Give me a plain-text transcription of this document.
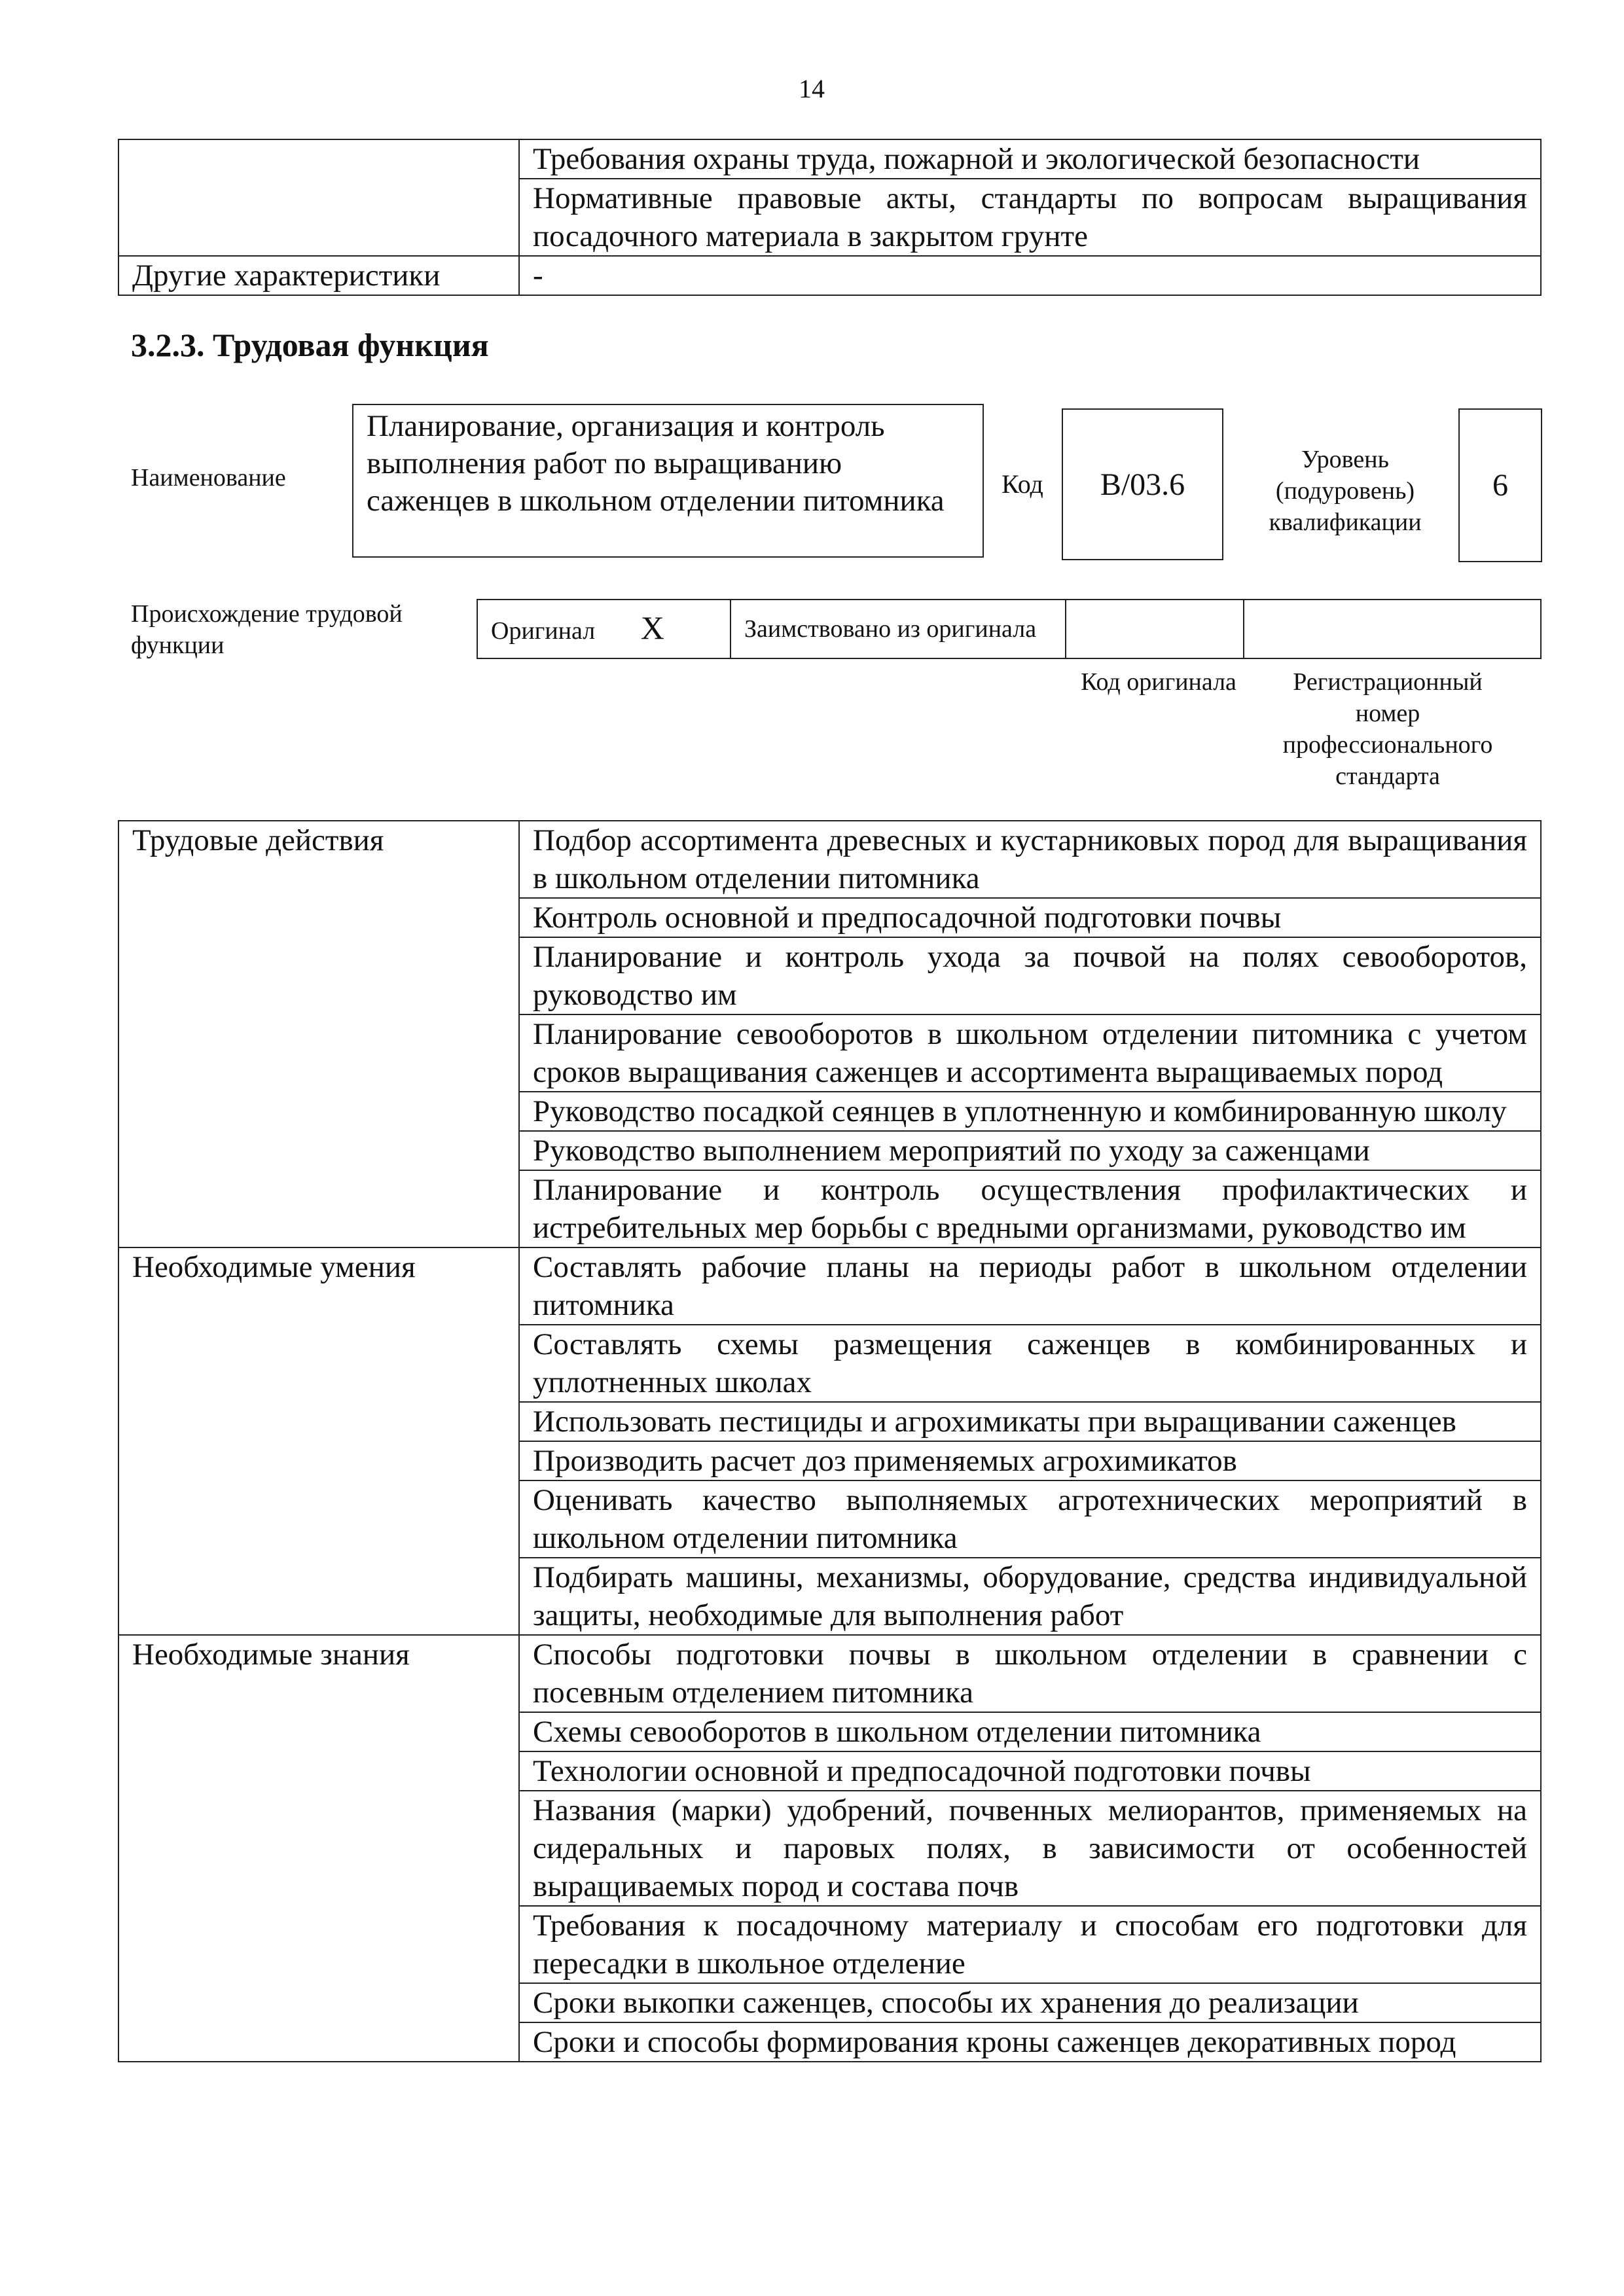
14
	Требования охраны труда, пожарной и экологической безопасности
	Нормативные правовые акты, стандарты по вопросам выращивания посадочного материала в закрытом грунте
Другие характеристики	-
3.2.3. Трудовая функция
Наименование
Планирование, организация и контроль выполнения работ по выращиванию саженцев в школьном отделении питомника	Код	B/03.6
Уровень (подуровень) квалификации
6
Происхождение трудовой функции
Оригинал X	Заимствовано из оригинала		
Код оригинала	Регистрационный номер профессионального стандарта
Трудовые действия	Подбор ассортимента древесных и кустарниковых пород для выращивания в школьном отделении питомника
	Контроль основной и предпосадочной подготовки почвы
	Планирование и контроль ухода за почвой на полях севооборотов, руководство им
	Планирование севооборотов в школьном отделении питомника с учетом сроков выращивания саженцев и ассортимента выращиваемых пород
	Руководство посадкой сеянцев в уплотненную и комбинированную школу
	Руководство выполнением мероприятий по уходу за саженцами
	Планирование и контроль осуществления профилактических и истребительных мер борьбы с вредными организмами, руководство им
Необходимые умения	Составлять рабочие планы на периоды работ в школьном отделении питомника
	Составлять схемы размещения саженцев в комбинированных и уплотненных школах
	Использовать пестициды и агрохимикаты при выращивании саженцев
	Производить расчет доз применяемых агрохимикатов
	Оценивать качество выполняемых агротехнических мероприятий в школьном отделении питомника
	Подбирать машины, механизмы, оборудование, средства индивидуальной защиты, необходимые для выполнения работ
Необходимые знания	Способы подготовки почвы в школьном отделении в сравнении с посевным отделением питомника
	Схемы севооборотов в школьном отделении питомника
	Технологии основной и предпосадочной подготовки почвы
	Названия (марки) удобрений, почвенных мелиорантов, применяемых на сидеральных и паровых полях, в зависимости от особенностей выращиваемых пород и состава почв
	Требования к посадочному материалу и способам его подготовки для пересадки в школьное отделение
	Сроки выкопки саженцев, способы их хранения до реализации
	Сроки и способы формирования кроны саженцев декоративных пород
